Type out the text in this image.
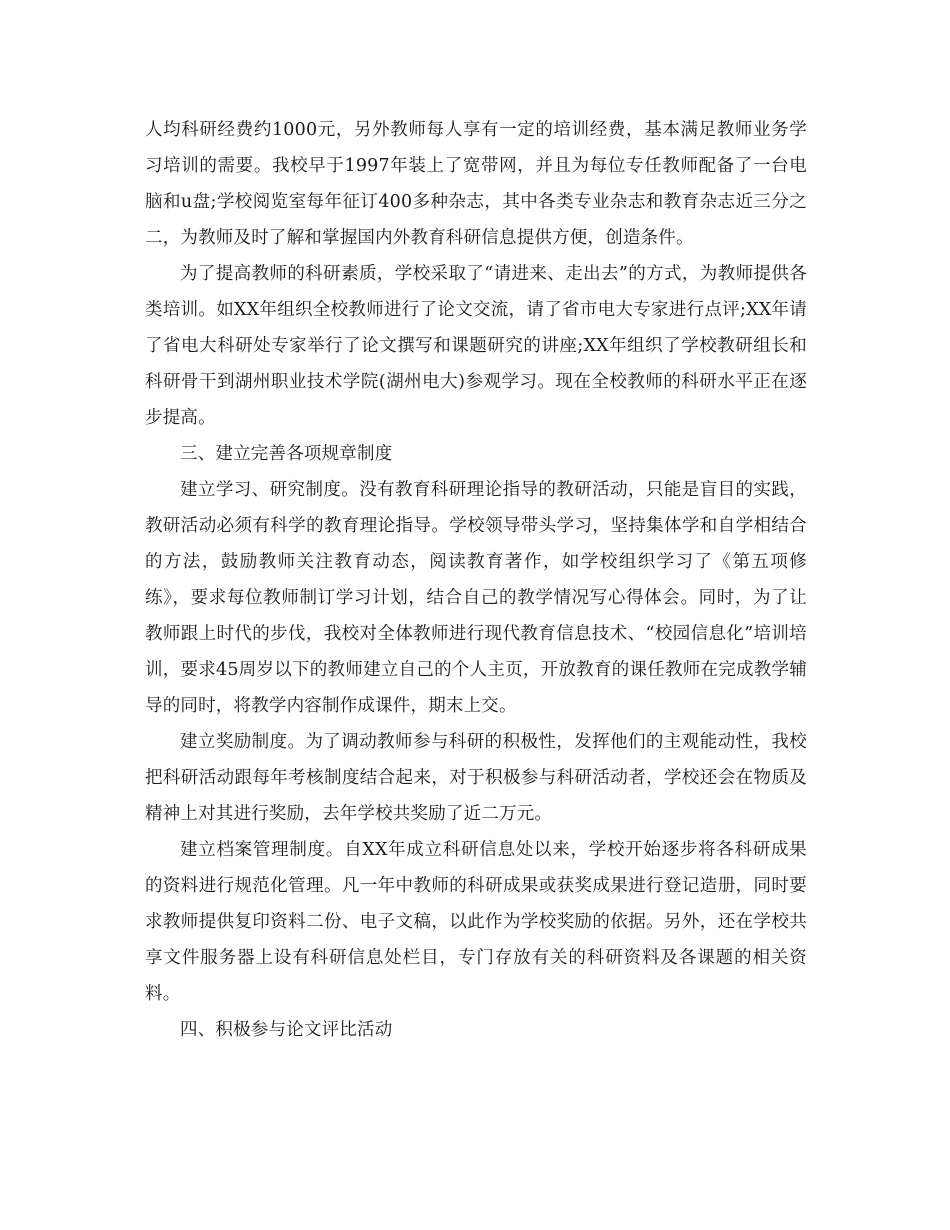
人均科研经费约1000元，另外教师每人享有一定的培训经费，基本满足教师业务学习培训的需要。我校早于1997年装上了宽带网，并且为每位专任教师配备了一台电脑和u盘;学校阅览室每年征订400多种杂志，其中各类专业杂志和教育杂志近三分之二，为教师及时了解和掌握国内外教育科研信息提供方便，创造条件。

为了提高教师的科研素质，学校采取了“请进来、走出去”的方式，为教师提供各类培训。如XX年组织全校教师进行了论文交流，请了省市电大专家进行点评;XX年请了省电大科研处专家举行了论文撰写和课题研究的讲座;XX年组织了学校教研组长和科研骨干到湖州职业技术学院(湖州电大)参观学习。现在全校教师的科研水平正在逐步提高。

三、建立完善各项规章制度

建立学习、研究制度。没有教育科研理论指导的教研活动，只能是盲目的实践，教研活动必须有科学的教育理论指导。学校领导带头学习，坚持集体学和自学相结合的方法，鼓励教师关注教育动态，阅读教育著作，如学校组织学习了《第五项修练》，要求每位教师制订学习计划，结合自己的教学情况写心得体会。同时，为了让教师跟上时代的步伐，我校对全体教师进行现代教育信息技术、“校园信息化”培训培训，要求45周岁以下的教师建立自己的个人主页，开放教育的课任教师在完成教学辅导的同时，将教学内容制作成课件，期末上交。

建立奖励制度。为了调动教师参与科研的积极性，发挥他们的主观能动性，我校把科研活动跟每年考核制度结合起来，对于积极参与科研活动者，学校还会在物质及精神上对其进行奖励，去年学校共奖励了近二万元。

建立档案管理制度。自XX年成立科研信息处以来，学校开始逐步将各科研成果的资料进行规范化管理。凡一年中教师的科研成果或获奖成果进行登记造册，同时要求教师提供复印资料二份、电子文稿，以此作为学校奖励的依据。另外，还在学校共享文件服务器上设有科研信息处栏目，专门存放有关的科研资料及各课题的相关资料。

四、积极参与论文评比活动
